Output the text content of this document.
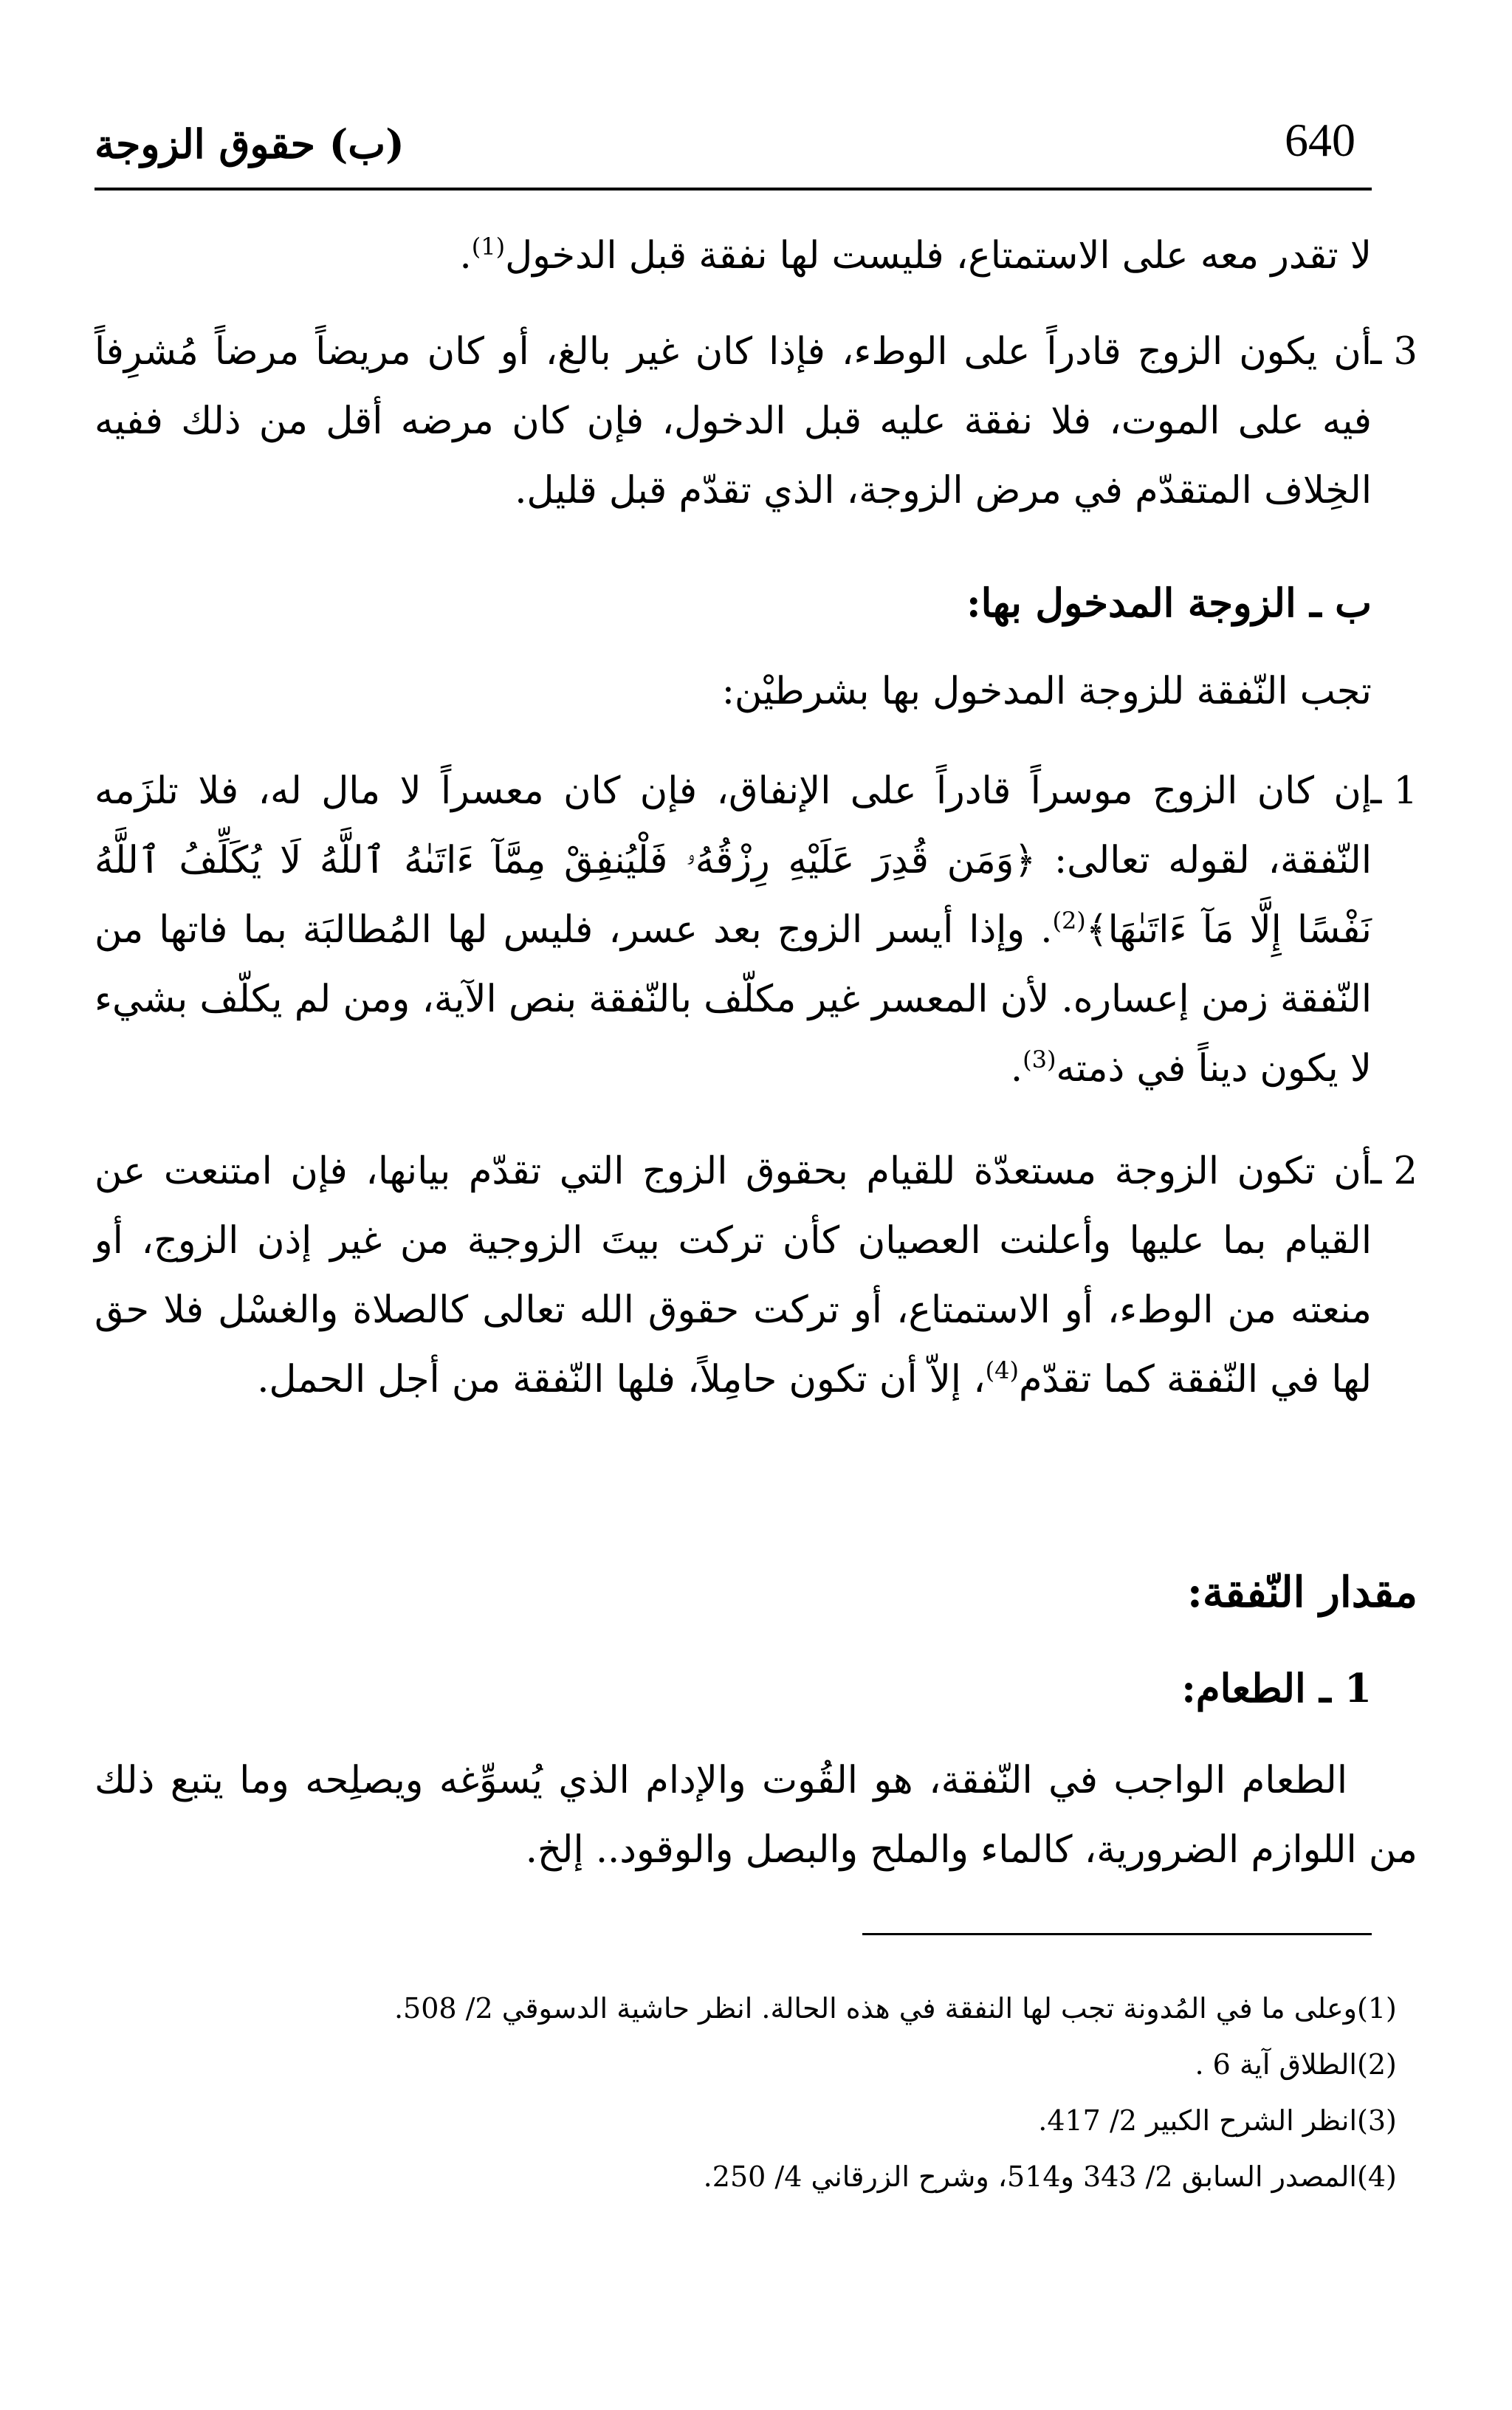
640
(ب) حقوق الزوجة
لا تقدر معه على الاستمتاع، فليست لها نفقة قبل الدخول$^{(1)}$.
3 ـ
أن يكون الزوج قادراً على الوطء، فإذا كان غير بالغ، أو كان مريضاً مرضاً مُشرِفاً فيه على الموت، فلا نفقة عليه قبل الدخول، فإن كان مرضه أقل من ذلك ففيه الخِلاف المتقدّم في مرض الزوجة، الذي تقدّم قبل قليل.
ب ـ الزوجة المدخول بها:
تجب النّفقة للزوجة المدخول بها بشرطيْن:
1 ـ
إن كان الزوج موسراً قادراً على الإنفاق، فإن كان معسراً لا مال له، فلا تلزَمه النّفقة، لقوله تعالى: ﴿وَمَن قُدِرَ عَلَيْهِ رِزْقُهُۥ فَلْيُنفِقْ مِمَّآ ءَاتَىٰهُ ٱللَّهُ لَا يُكَلِّفُ ٱللَّهُ نَفْسًا إِلَّا مَآ ءَاتَىٰهَا﴾$^{(2)}$. وإذا أيسر الزوج بعد عسر، فليس لها المُطالبَة بما فاتها من النّفقة زمن إعساره. لأن المعسر غير مكلّف بالنّفقة بنص الآية، ومن لم يكلّف بشيء لا يكون ديناً في ذمته$^{(3)}$.
2 ـ
أن تكون الزوجة مستعدّة للقيام بحقوق الزوج التي تقدّم بيانها، فإن امتنعت عن القيام بما عليها وأعلنت العصيان كأن تركت بيتَ الزوجية من غير إذن الزوج، أو منعته من الوطء، أو الاستمتاع، أو تركت حقوق الله تعالى كالصلاة والغسْل فلا حق لها في النّفقة كما تقدّم$^{(4)}$، إلاّ أن تكون حامِلاً، فلها النّفقة من أجل الحمل.
مقدار النّفقة:
1 ـ الطعام:
الطعام الواجب في النّفقة، هو القُوت والإدام الذي يُسوِّغه ويصلِحه وما يتبع ذلك من اللوازم الضرورية، كالماء والملح والبصل والوقود.. إلخ.
(1)وعلى ما في المُدونة تجب لها النفقة في هذه الحالة. انظر حاشية الدسوقي 2/ 508.
(2)الطلاق آية 6 .
(3)انظر الشرح الكبير 2/ 417.
(4)المصدر السابق 2/ 343 و514، وشرح الزرقاني 4/ 250.
